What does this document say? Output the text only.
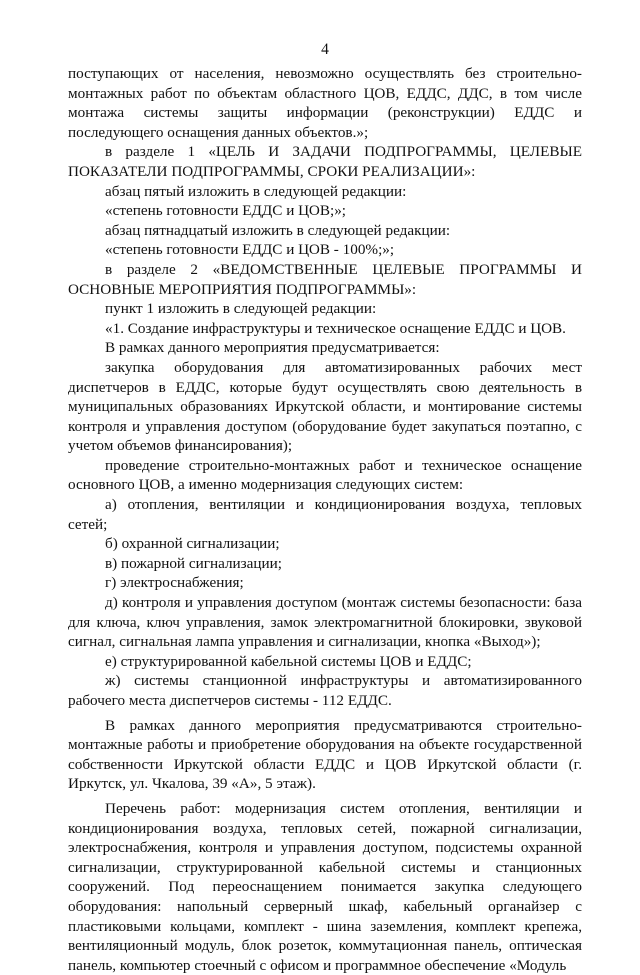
4

поступающих от населения, невозможно осуществлять без строительно-монтажных работ по объектам областного ЦОВ, ЕДДС, ДДС, в том числе монтажа системы защиты информации (реконструкции) ЕДДС и последующего оснащения данных объектов.»;

в разделе 1 «ЦЕЛЬ И ЗАДАЧИ ПОДПРОГРАММЫ, ЦЕЛЕВЫЕ ПОКАЗАТЕЛИ ПОДПРОГРАММЫ, СРОКИ РЕАЛИЗАЦИИ»:

абзац пятый изложить в следующей редакции:

«степень готовности ЕДДС и ЦОВ;»;

абзац пятнадцатый изложить в следующей редакции:

«степень готовности ЕДДС и ЦОВ - 100%;»;

в разделе 2 «ВЕДОМСТВЕННЫЕ ЦЕЛЕВЫЕ ПРОГРАММЫ И ОСНОВНЫЕ МЕРОПРИЯТИЯ ПОДПРОГРАММЫ»:

пункт 1 изложить в следующей редакции:

«1. Создание инфраструктуры и техническое оснащение ЕДДС и ЦОВ.

В рамках данного мероприятия предусматривается:

закупка оборудования для автоматизированных рабочих мест диспетчеров в ЕДДС, которые будут осуществлять свою деятельность в муниципальных образованиях Иркутской области, и монтирование системы контроля и управления доступом (оборудование будет закупаться поэтапно, с учетом объемов финансирования);

проведение строительно-монтажных работ и техническое оснащение основного ЦОВ, а именно модернизация следующих систем:

а) отопления, вентиляции и кондиционирования воздуха, тепловых сетей;

б) охранной сигнализации;

в) пожарной сигнализации;

г) электроснабжения;

д) контроля и управления доступом (монтаж системы безопасности: база для ключа, ключ управления, замок электромагнитной блокировки, звуковой сигнал, сигнальная лампа управления и сигнализации, кнопка «Выход»);

е) структурированной кабельной системы ЦОВ и ЕДДС;

ж) системы станционной инфраструктуры и автоматизированного рабочего места диспетчеров системы - 112 ЕДДС.

В рамках данного мероприятия предусматриваются строительно-монтажные работы и приобретение оборудования на объекте государственной собственности Иркутской области ЕДДС и ЦОВ Иркутской области (г. Иркутск, ул. Чкалова, 39 «А», 5 этаж).

Перечень работ: модернизация систем отопления, вентиляции и кондиционирования воздуха, тепловых сетей, пожарной сигнализации, электроснабжения, контроля и управления доступом, подсистемы охранной сигнализации, структурированной кабельной системы и станционных сооружений. Под переоснащением понимается закупка следующего оборудования: напольный серверный шкаф, кабельный органайзер с пластиковыми кольцами, комплект - шина заземления, комплект крепежа, вентиляционный модуль, блок розеток, коммутационная панель, оптическая панель, компьютер стоечный с офисом и программное обеспечение «Модуль
